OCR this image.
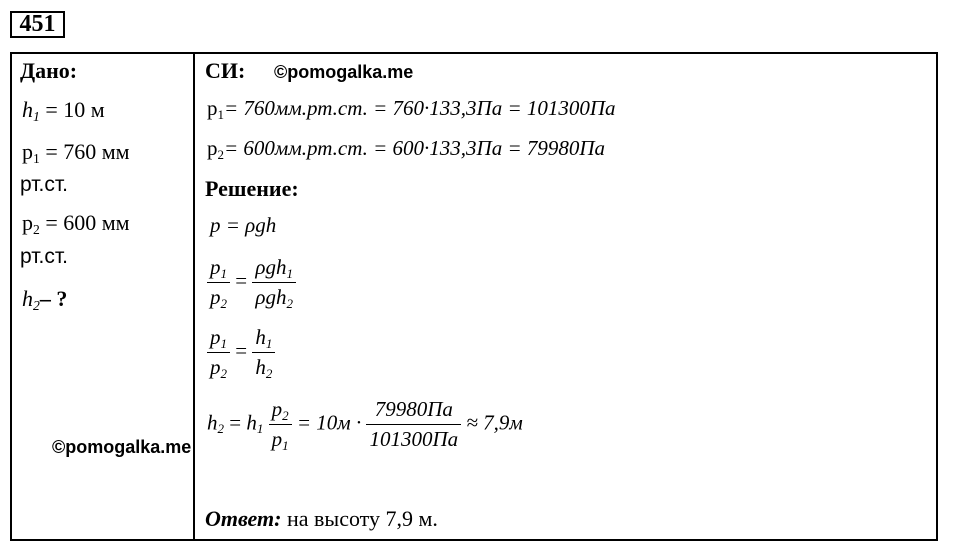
451
Дано:
$h_1 = 10$ м
$p_1 = 760$ мм
рт.ст.
$p_2 = 600$ мм
рт.ст.
$h_2-$ ?
©pomogalka.me
СИ: ©pomogalka.me
$p_1= 760мм.рт.ст$. = 760·133,3Па = 101300Па
$p_2= 600мм.рт.ст$. = 600·133,3Па = 79980Па
Решение:
p = ρgh
$\frac{p_1}{p_2} = \frac{\rho gh_1}{\rho gh_2}$
$\frac{p_1}{p_2} = \frac{h_1}{h_2}$
$h_2 = h_1 \frac{p_2}{p_1} = 10м \cdot \frac{79980Па}{101300Па} \approx 7,9м$
Ответ: на высоту 7,9 м.
